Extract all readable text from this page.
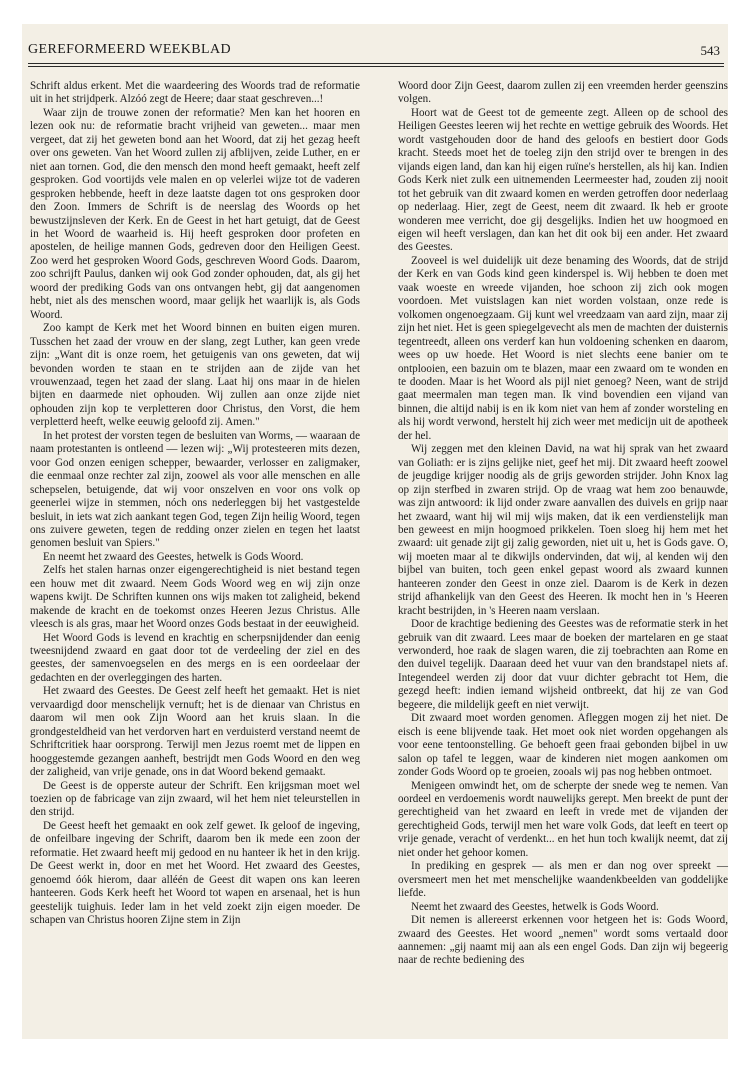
GEREFORMEERD WEEKBLAD	543

Schrift aldus erkent. Met die waardeering des Woords trad de reformatie uit in het strijdperk. Alzóó zegt de Heere; daar staat geschreven...!

Waar zijn de trouwe zonen der reformatie? Men kan het hooren en lezen ook nu: de reformatie bracht vrijheid van geweten... maar men vergeet, dat zij het geweten bond aan het Woord, dat zij het gezag heeft over ons geweten. Van het Woord zullen zij afblijven, zeide Luther, en er niet aan tornen. God, die den mensch den mond heeft gemaakt, heeft zelf gesproken. God voortijds vele malen en op velerlei wijze tot de vaderen gesproken hebbende, heeft in deze laatste dagen tot ons gesproken door den Zoon. Immers de Schrift is de neerslag des Woords op het bewustzijnsleven der Kerk. En de Geest in het hart getuigt, dat de Geest in het Woord de waarheid is. Hij heeft gesproken door profeten en apostelen, de heilige mannen Gods, gedreven door den Heiligen Geest. Zoo werd het gesproken Woord Gods, geschreven Woord Gods. Daarom, zoo schrijft Paulus, danken wij ook God zonder ophouden, dat, als gij het woord der prediking Gods van ons ontvangen hebt, gij dat aangenomen hebt, niet als des menschen woord, maar gelijk het waarlijk is, als Gods Woord.

Zoo kampt de Kerk met het Woord binnen en buiten eigen muren. Tusschen het zaad der vrouw en der slang, zegt Luther, kan geen vrede zijn: „Want dit is onze roem, het getuigenis van ons geweten, dat wij bevonden worden te staan en te strijden aan de zijde van het vrouwenzaad, tegen het zaad der slang. Laat hij ons maar in de hielen bijten en daarmede niet ophouden. Wij zullen aan onze zijde niet ophouden zijn kop te verpletteren door Christus, den Vorst, die hem verpletterd heeft, welke eeuwig geloofd zij. Amen."

In het protest der vorsten tegen de besluiten van Worms, — waaraan de naam protestanten is ontleend — lezen wij: „Wij protesteeren mits dezen, voor God onzen eenigen schepper, bewaarder, verlosser en zaligmaker, die eenmaal onze rechter zal zijn, zoowel als voor alle menschen en alle schepselen, betuigende, dat wij voor onszelven en voor ons volk op geenerlei wijze in stemmen, nóch ons nederleggen bij het vastgestelde besluit, in iets wat zich aankant tegen God, tegen Zijn heilig Woord, tegen ons zuivere geweten, tegen de redding onzer zielen en tegen het laatst genomen besluit van Spiers."

En neemt het zwaard des Geestes, hetwelk is Gods Woord.

Zelfs het stalen harnas onzer eigengerechtigheid is niet bestand tegen een houw met dit zwaard. Neem Gods Woord weg en wij zijn onze wapens kwijt. De Schriften kunnen ons wijs maken tot zaligheid, bekend makende de kracht en de toekomst onzes Heeren Jezus Christus. Alle vleesch is als gras, maar het Woord onzes Gods bestaat in der eeuwigheid.

Het Woord Gods is levend en krachtig en scherpsnijdender dan eenig tweesnijdend zwaard en gaat door tot de verdeeling der ziel en des geestes, der samenvoegselen en des mergs en is een oordeelaar der gedachten en der overleggingen des harten.

Het zwaard des Geestes. De Geest zelf heeft het gemaakt. Het is niet vervaardigd door menschelijk vernuft; het is de dienaar van Christus en daarom wil men ook Zijn Woord aan het kruis slaan. In die grondgesteldheid van het verdorven hart en verduisterd verstand neemt de Schriftcritiek haar oorsprong. Terwijl men Jezus roemt met de lippen en hooggestemde gezangen aanheft, bestrijdt men Gods Woord en den weg der zaligheid, van vrije genade, ons in dat Woord bekend gemaakt.

De Geest is de opperste auteur der Schrift. Een krijgsman moet wel toezien op de fabricage van zijn zwaard, wil het hem niet teleurstellen in den strijd.

De Geest heeft het gemaakt en ook zelf gewet. Ik geloof de ingeving, de onfeilbare ingeving der Schrift, daarom ben ik mede een zoon der reformatie. Het zwaard heeft mij gedood en nu hanteer ik het in den krijg. De Geest werkt in, door en met het Woord. Het zwaard des Geestes, genoemd óók hierom, daar alléén de Geest dit wapen ons kan leeren hanteeren. Gods Kerk heeft het Woord tot wapen en arsenaal, het is hun geestelijk tuighuis. Ieder lam in het veld zoekt zijn eigen moeder. De schapen van Christus hooren Zijne stem in Zijn

Woord door Zijn Geest, daarom zullen zij een vreemden herder geenszins volgen.

Hoort wat de Geest tot de gemeente zegt. Alleen op de school des Heiligen Geestes leeren wij het rechte en wettige gebruik des Woords. Het wordt vastgehouden door de hand des geloofs en bestiert door Gods kracht. Steeds moet het de toeleg zijn den strijd over te brengen in des vijands eigen land, dan kan hij eigen ruïne's herstellen, als hij kan. Indien Gods Kerk niet zulk een uitnemenden Leermeester had, zouden zij nooit tot het gebruik van dit zwaard komen en werden getroffen door nederlaag op nederlaag. Hier, zegt de Geest, neem dit zwaard. Ik heb er groote wonderen mee verricht, doe gij desgelijks. Indien het uw hoogmoed en eigen wil heeft verslagen, dan kan het dit ook bij een ander. Het zwaard des Geestes.

Zooveel is wel duidelijk uit deze benaming des Woords, dat de strijd der Kerk en van Gods kind geen kinderspel is. Wij hebben te doen met vaak woeste en wreede vijanden, hoe schoon zij zich ook mogen voordoen. Met vuistslagen kan niet worden volstaan, onze rede is volkomen ongenoegzaam. Gij kunt wel vreedzaam van aard zijn, maar zij zijn het niet. Het is geen spiegelgevecht als men de machten der duisternis tegentreedt, alleen ons verderf kan hun voldoening schenken en daarom, wees op uw hoede. Het Woord is niet slechts eene banier om te ontplooien, een bazuin om te blazen, maar een zwaard om te wonden en te dooden. Maar is het Woord als pijl niet genoeg? Neen, want de strijd gaat meermalen man tegen man. Ik vind bovendien een vijand van binnen, die altijd nabij is en ik kom niet van hem af zonder worsteling en als hij wordt verwond, herstelt hij zich weer met medicijn uit de apotheek der hel.

Wij zeggen met den kleinen David, na wat hij sprak van het zwaard van Goliath: er is zijns gelijke niet, geef het mij. Dit zwaard heeft zoowel de jeugdige krijger noodig als de grijs geworden strijder. John Knox lag op zijn sterfbed in zwaren strijd. Op de vraag wat hem zoo benauwde, was zijn antwoord: ik lijd onder zware aanvallen des duivels en grijp naar het zwaard, want hij wil mij wijs maken, dat ik een verdienstelijk man ben geweest en mijn hoogmoed prikkelen. Toen sloeg hij hem met het zwaard: uit genade zijt gij zalig geworden, niet uit u, het is Gods gave. O, wij moeten maar al te dikwijls ondervinden, dat wij, al kenden wij den bijbel van buiten, toch geen enkel gepast woord als zwaard kunnen hanteeren zonder den Geest in onze ziel. Daarom is de Kerk in dezen strijd afhankelijk van den Geest des Heeren. Ik mocht hen in 's Heeren kracht bestrijden, in 's Heeren naam verslaan.

Door de krachtige bediening des Geestes was de reformatie sterk in het gebruik van dit zwaard. Lees maar de boeken der martelaren en ge staat verwonderd, hoe raak de slagen waren, die zij toebrachten aan Rome en den duivel tegelijk. Daaraan deed het vuur van den brandstapel niets af. Integendeel werden zij door dat vuur dichter gebracht tot Hem, die gezegd heeft: indien iemand wijsheid ontbreekt, dat hij ze van God begeere, die mildelijk geeft en niet verwijt.

Dit zwaard moet worden genomen. Afleggen mogen zij het niet. De eisch is eene blijvende taak. Het moet ook niet worden opgehangen als voor eene tentoonstelling. Ge behoeft geen fraai gebonden bijbel in uw salon op tafel te leggen, waar de kinderen niet mogen aankomen om zonder Gods Woord op te groeien, zooals wij pas nog hebben ontmoet.

Menigeen omwindt het, om de scherpte der snede weg te nemen. Van oordeel en verdoemenis wordt nauwelijks gerept. Men breekt de punt der gerechtigheid van het zwaard en leeft in vrede met de vijanden der gerechtigheid Gods, terwijl men het ware volk Gods, dat leeft en teert op vrije genade, veracht of verdenkt... en het hun toch kwalijk neemt, dat zij niet onder het gehoor komen.

In prediking en gesprek — als men er dan nog over spreekt — oversmeert men het met menschelijke waandenkbeelden van goddelijke liefde.

Neemt het zwaard des Geestes, hetwelk is Gods Woord.

Dit nemen is allereerst erkennen voor hetgeen het is: Gods Woord, zwaard des Geestes. Het woord „nemen" wordt soms vertaald door aannemen: „gij naamt mij aan als een engel Gods. Dan zijn wij begeerig naar de rechte bediening des
